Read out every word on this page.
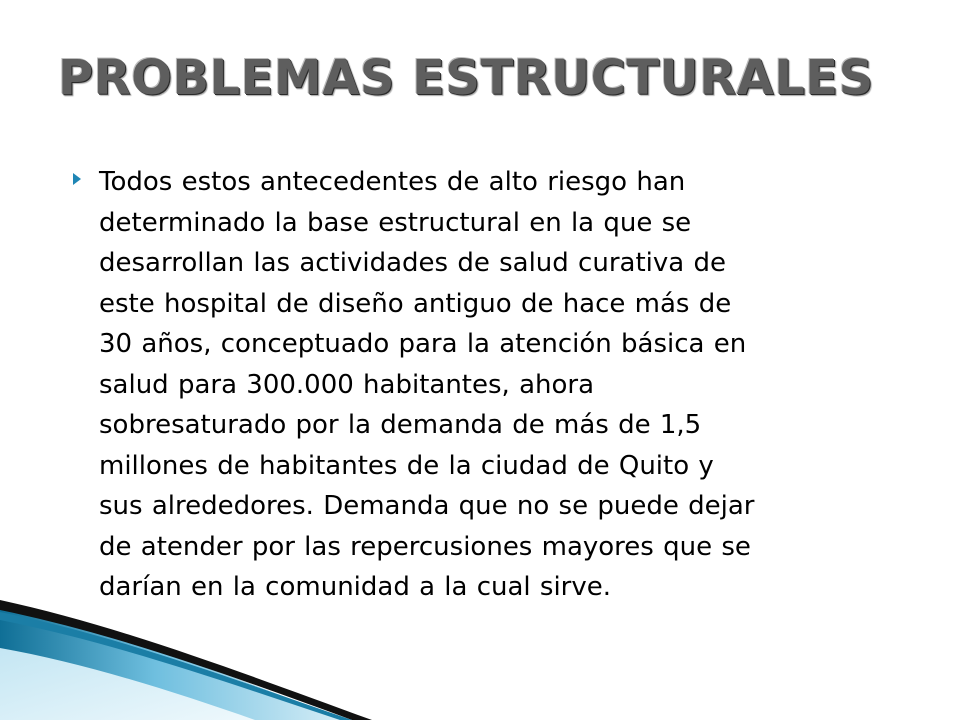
PROBLEMAS ESTRUCTURALES

Todos estos antecedentes de alto riesgo han
determinado la base estructural en la que se
desarrollan las actividades de salud curativa de
este hospital de diseño antiguo de hace más de
30 años, conceptuado para la atención básica en
salud para 300.000 habitantes, ahora
sobresaturado por la demanda de más de 1,5
millones de habitantes de la ciudad de Quito y
sus alrededores. Demanda que no se puede dejar
de atender por las repercusiones mayores que se
darían en la comunidad a la cual sirve.
